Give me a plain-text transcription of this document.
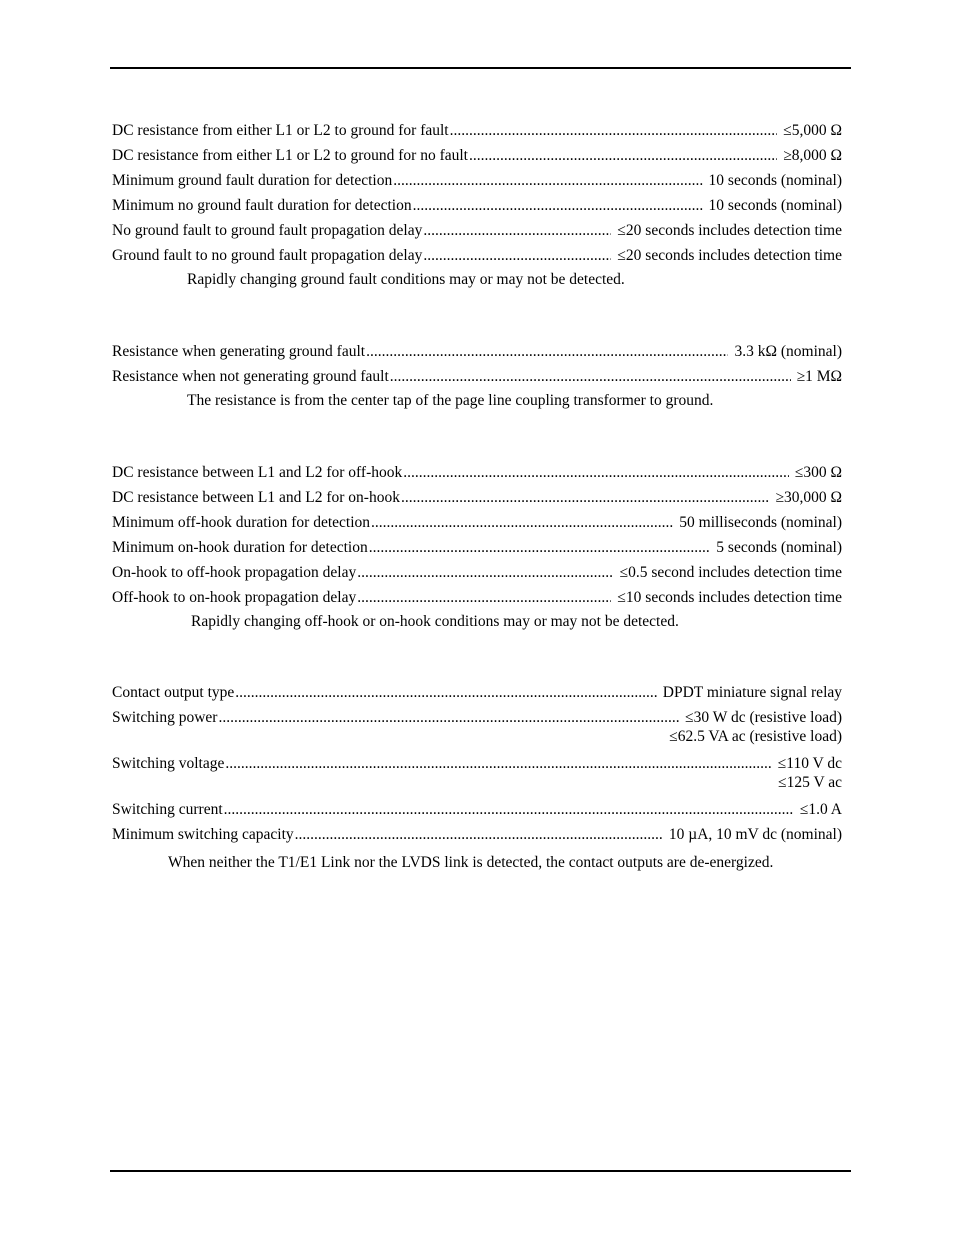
DC resistance from either L1 or L2 to ground for fault .....	≤5,000 Ω
DC resistance from either L1 or L2 to ground for no fault .....	≥8,000 Ω
Minimum ground fault duration for detection .....	10 seconds (nominal)
Minimum no ground fault duration for detection .....	10 seconds (nominal)
No ground fault to ground fault propagation delay .....	≤20 seconds includes detection time
Ground fault to no ground fault propagation delay .....	≤20 seconds includes detection time
Rapidly changing ground fault conditions may or may not be detected.
Resistance when generating ground fault .....	3.3 kΩ (nominal)
Resistance when not generating ground fault .....	≥1 MΩ
The resistance is from the center tap of the page line coupling transformer to ground.
DC resistance between L1 and L2 for off-hook .....	≤300 Ω
DC resistance between L1 and L2 for on-hook .....	≥30,000 Ω
Minimum off-hook duration for detection .....	50 milliseconds (nominal)
Minimum on-hook duration for detection .....	5 seconds (nominal)
On-hook to off-hook propagation delay .....	≤0.5 second includes detection time
Off-hook to on-hook propagation delay .....	≤10 seconds includes detection time
Rapidly changing off-hook or on-hook conditions may or may not be detected.
Contact output type .....	DPDT miniature signal relay
Switching power .....	≤30 W dc (resistive load)
≤62.5 VA ac (resistive load)
Switching voltage .....	≤110 V dc
≤125 V ac
Switching current .....	≤1.0 A
Minimum switching capacity .....	10 µA, 10 mV dc (nominal)
When neither the T1/E1 Link nor the LVDS link is detected, the contact outputs are de-energized.
